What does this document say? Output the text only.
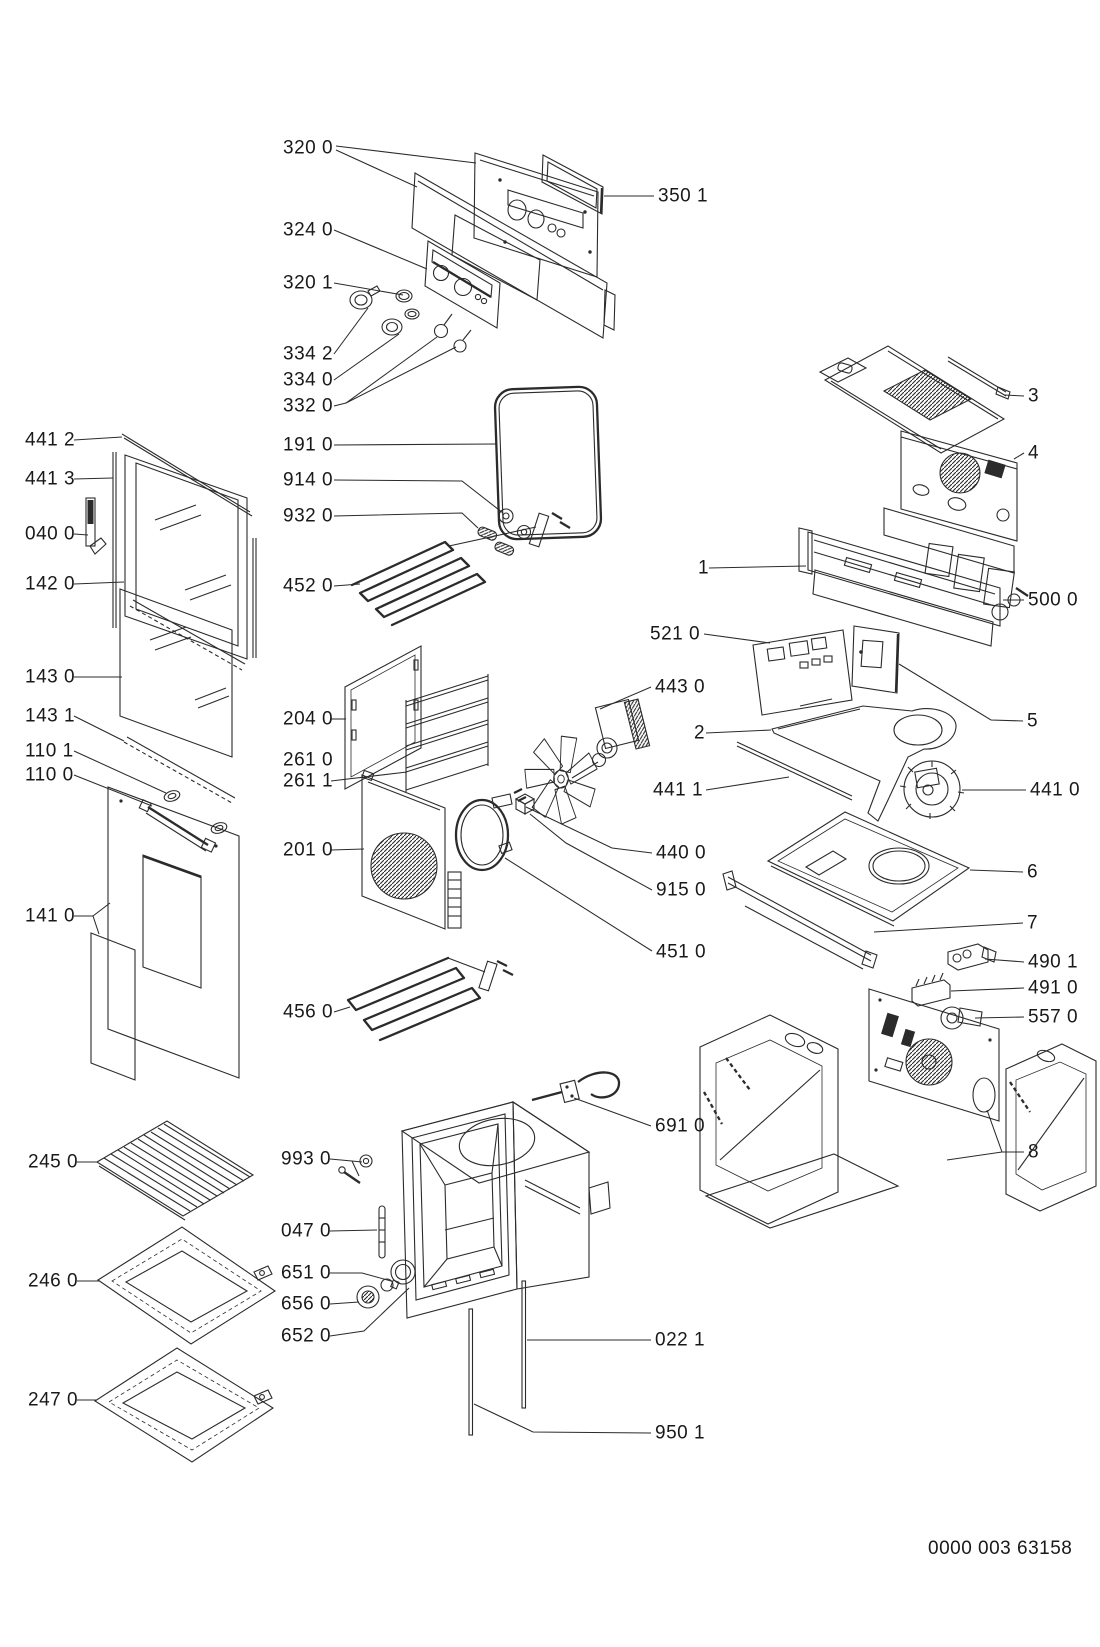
320 0
324 0
320 1
334 2
334 0
332 0
191 0
914 0
932 0
452 0
204 0
261 0
261 1
201 0
456 0
993 0
047 0
651 0
656 0
652 0
441 2
441 3
040 0
142 0
143 0
143 1
110 1
110 0
141 0
245 0
246 0
247 0
350 1
3
4
1
500 0
521 0
443 0
2
441 1
5
441 0
440 0
915 0
451 0
6
7
490 1
491 0
557 0
691 0
022 1
950 1
8
0000 003 63158
